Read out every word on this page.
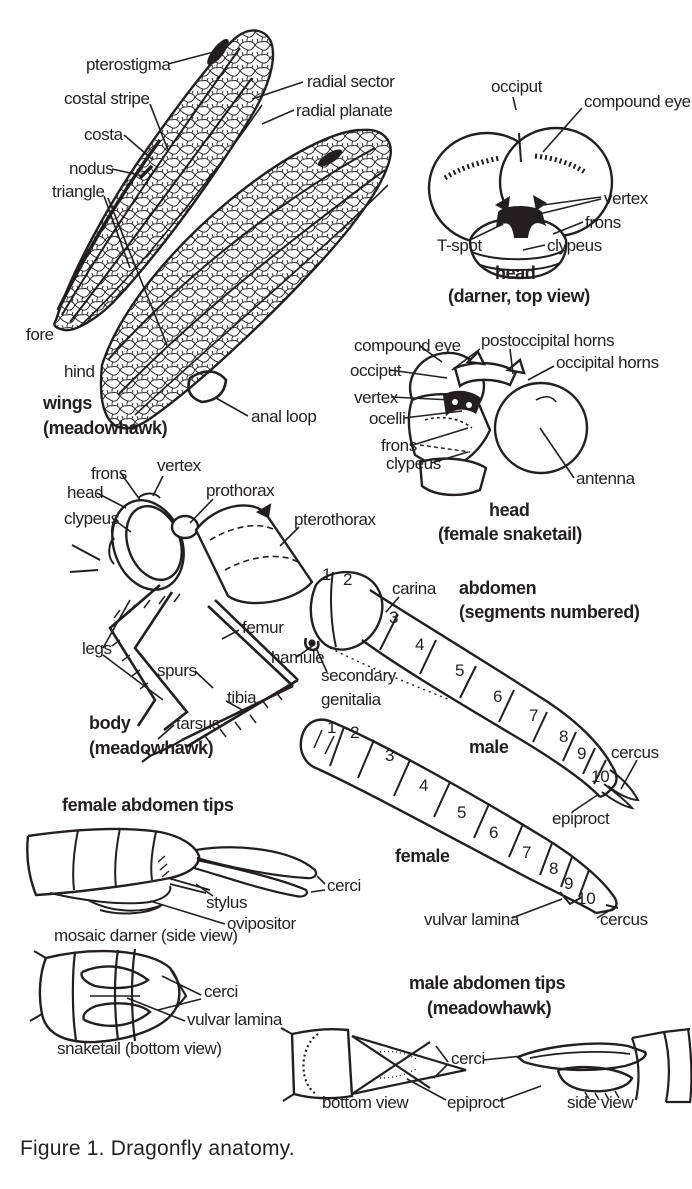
pterostigma
costal stripe
costa
nodus
triangle
radial sector
radial planate
fore
hind
wings
(meadowhawk)
anal loop
occiput
compound eye
vertex
frons
T-spot	clypeus
head
(darner, top view)
compound eye postoccipital horns
occipital horns
occiput
vertex
ocelli
frons
clypeus
antenna
head
(female snaketail)
frons vertex
head
clypeus
prothorax
pterothorax
legs
femur
hamule
spurs
tibia
tarsus
secondary
genitalia
body
(meadowhawk)
abdomen
(segments numbered)
carina
1 2
3
4
5
6
7
8
9
10
male	cercus
epiproct
1 2
3
4
5
6
7
8
9
10
female
vulvar lamina	cercus
female abdomen tips
cerci
stylus
ovipositor
mosaic darner (side view)
cerci
vulvar lamina
snaketail (bottom view)
male abdomen tips
(meadowhawk)
cerci
bottom view epiproct	side view
Figure 1. Dragonfly anatomy.
